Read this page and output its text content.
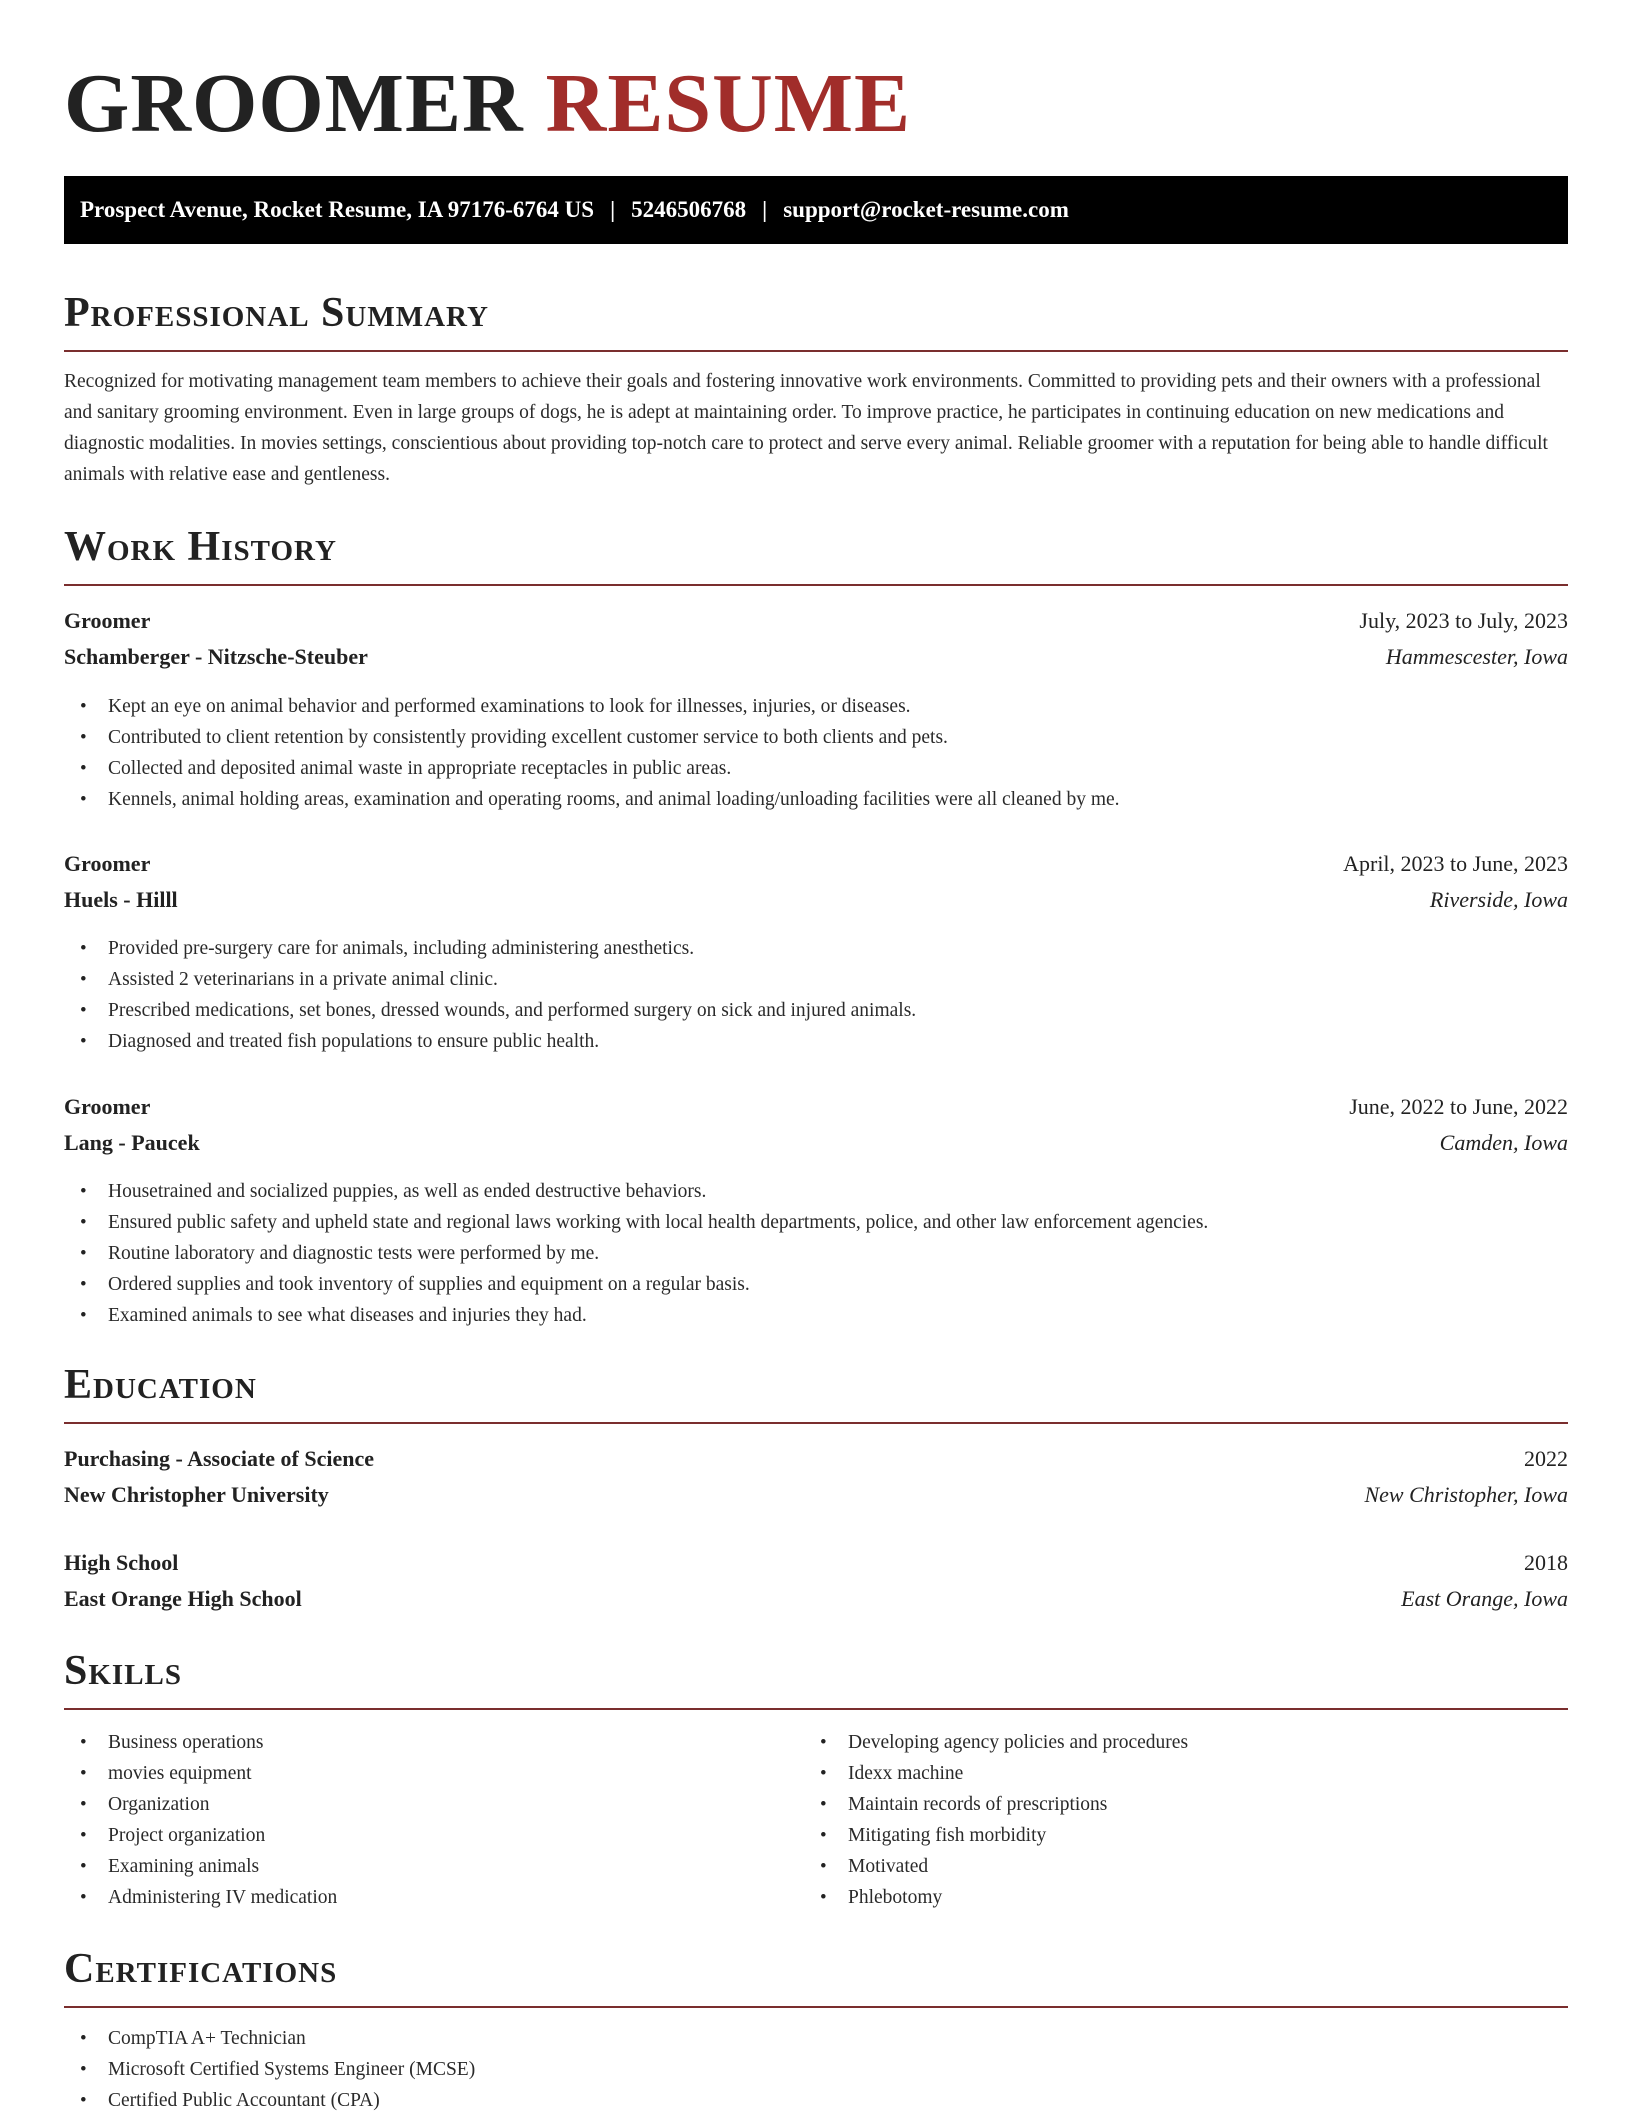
GROOMER RESUME
Prospect Avenue, Rocket Resume, IA 97176-6764 US | 5246506768 | support@rocket-resume.com
Professional Summary
Recognized for motivating management team members to achieve their goals and fostering innovative work environments. Committed to providing pets and their owners with a professional and sanitary grooming environment. Even in large groups of dogs, he is adept at maintaining order. To improve practice, he participates in continuing education on new medications and diagnostic modalities. In movies settings, conscientious about providing top-notch care to protect and serve every animal. Reliable groomer with a reputation for being able to handle difficult animals with relative ease and gentleness.
Work History
Groomer	July, 2023 to July, 2023
Schamberger - Nitzsche-Steuber	Hammescester, Iowa
• Kept an eye on animal behavior and performed examinations to look for illnesses, injuries, or diseases.
• Contributed to client retention by consistently providing excellent customer service to both clients and pets.
• Collected and deposited animal waste in appropriate receptacles in public areas.
• Kennels, animal holding areas, examination and operating rooms, and animal loading/unloading facilities were all cleaned by me.
Groomer	April, 2023 to June, 2023
Huels - Hilll	Riverside, Iowa
• Provided pre-surgery care for animals, including administering anesthetics.
• Assisted 2 veterinarians in a private animal clinic.
• Prescribed medications, set bones, dressed wounds, and performed surgery on sick and injured animals.
• Diagnosed and treated fish populations to ensure public health.
Groomer	June, 2022 to June, 2022
Lang - Paucek	Camden, Iowa
• Housetrained and socialized puppies, as well as ended destructive behaviors.
• Ensured public safety and upheld state and regional laws working with local health departments, police, and other law enforcement agencies.
• Routine laboratory and diagnostic tests were performed by me.
• Ordered supplies and took inventory of supplies and equipment on a regular basis.
• Examined animals to see what diseases and injuries they had.
Education
Purchasing - Associate of Science	2022
New Christopher University	New Christopher, Iowa
High School	2018
East Orange High School	East Orange, Iowa
Skills
• Business operations
• movies equipment
• Organization
• Project organization
• Examining animals
• Administering IV medication
• Developing agency policies and procedures
• Idexx machine
• Maintain records of prescriptions
• Mitigating fish morbidity
• Motivated
• Phlebotomy
Certifications
• CompTIA A+ Technician
• Microsoft Certified Systems Engineer (MCSE)
• Certified Public Accountant (CPA)
